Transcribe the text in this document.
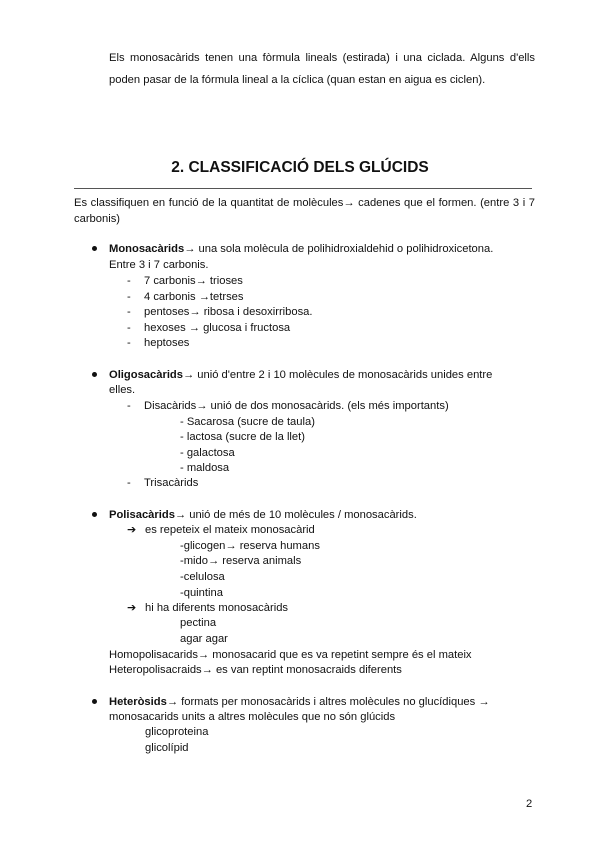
Els monosacàrids tenen una fòrmula lineals (estirada) i una ciclada. Alguns d'ells poden pasar de la fórmula lineal a la cíclica (quan estan en aigua es ciclen).
2. CLASSIFICACIÓ DELS GLÚCIDS
Es classifiquen en funció de la quantitat de molècules→ cadenes que el formen. (entre 3 i 7 carbonis)
Monosacàrids→ una sola molècula de polihidroxialdehid o polihidroxicetona.
Entre 3 i 7 carbonis.
- 7 carbonis→ trioses
- 4 carbonis →tetrses
- pentoses→ ribosa i desoxirribosa.
- hexoses → glucosa i fructosa
- heptoses
Oligosacàrids→ unió d'entre 2 i 10 molècules de monosacàrids unides entre
elles.
- Disacàrids→ unió de dos monosacàrids. (els més importants)
- Sacarosa (sucre de taula)
- lactosa (sucre de la llet)
- galactosa
- maldosa
- Trisacàrids
Polisacàrids→ unió de més de 10 molècules / monosacàrids.
➔ es repeteix el mateix monosacàrid
-glicogen→ reserva humans
-mido→ reserva animals
-celulosa
-quintina
➔ hi ha diferents monosacàrids
pectina
agar agar
Homopolisacarids→ monosacarid que es va repetint sempre és el mateix
Heteropolisacraids→ es van reptint monosacraids diferents
Heteròsids→ formats per monosacàrids i altres molècules no glucídiques →
monosacarids units a altres molècules que no són glúcids
glicoproteina
glicolípid
2
